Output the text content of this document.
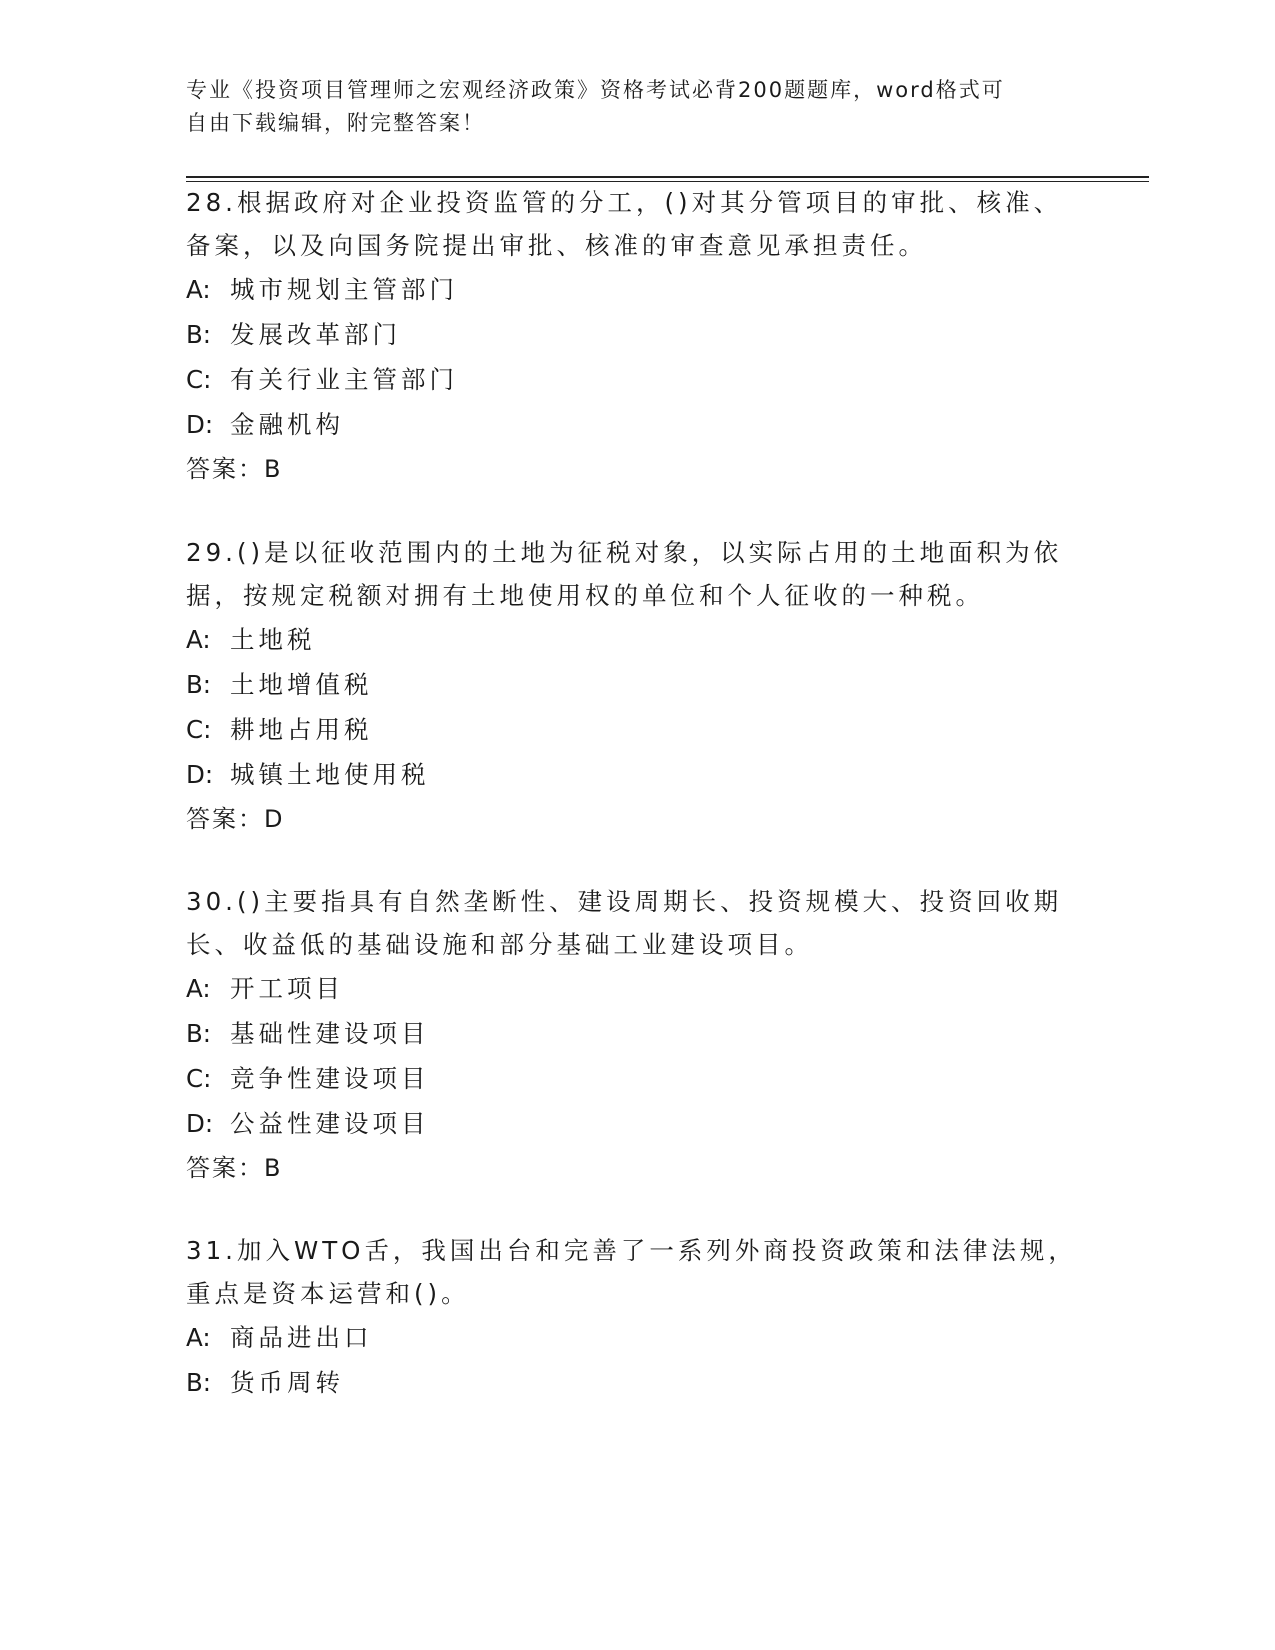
专业《投资项目管理师之宏观经济政策》资格考试必背200题题库，word格式可
自由下载编辑，附完整答案！

28.根据政府对企业投资监管的分工，()对其分管项目的审批、核准、

备案，以及向国务院提出审批、核准的审查意见承担责任。

A: 城市规划主管部门

B: 发展改革部门

C: 有关行业主管部门

D: 金融机构

答案：B

29.()是以征收范围内的土地为征税对象，以实际占用的土地面积为依

据，按规定税额对拥有土地使用权的单位和个人征收的一种税。

A: 土地税

B: 土地增值税

C: 耕地占用税

D: 城镇土地使用税

答案：D

30.()主要指具有自然垄断性、建设周期长、投资规模大、投资回收期

长、收益低的基础设施和部分基础工业建设项目。

A: 开工项目

B: 基础性建设项目

C: 竞争性建设项目

D: 公益性建设项目

答案：B

31.加入WTO舌，我国出台和完善了一系列外商投资政策和法律法规，

重点是资本运营和()。

A: 商品进出口

B: 货币周转
